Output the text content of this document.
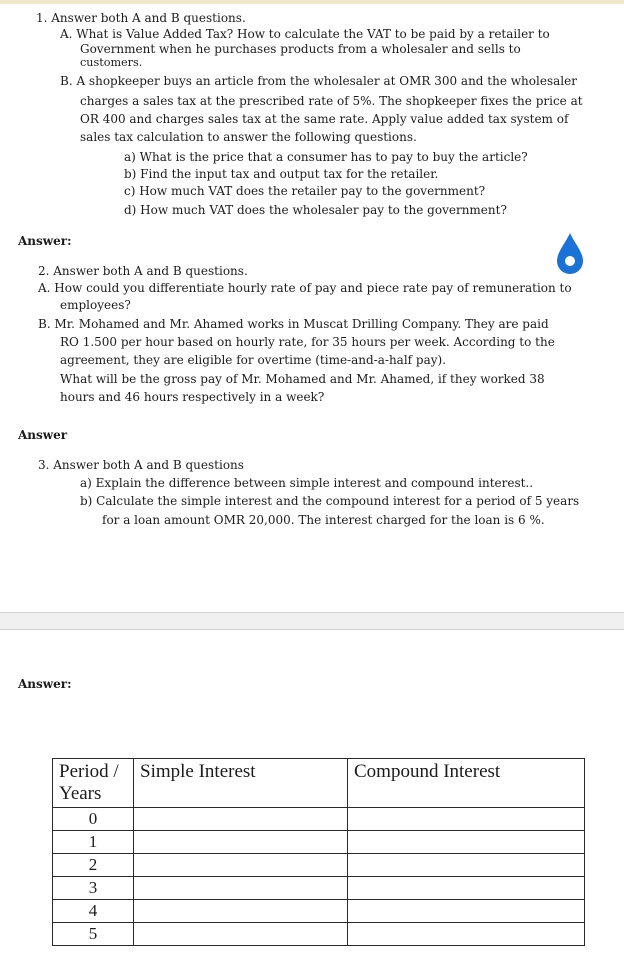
1. Answer both A and B questions.
A. What is Value Added Tax? How to calculate the VAT to be paid by a retailer to
Government when he purchases products from a wholesaler and sells to
customers.
B. A shopkeeper buys an article from the wholesaler at OMR 300 and the wholesaler
charges a sales tax at the prescribed rate of 5%. The shopkeeper fixes the price at
OR 400 and charges sales tax at the same rate. Apply value added tax system of
sales tax calculation to answer the following questions.
a) What is the price that a consumer has to pay to buy the article?
b) Find the input tax and output tax for the retailer.
c) How much VAT does the retailer pay to the government?
d) How much VAT does the wholesaler pay to the government?
Answer:
2. Answer both A and B questions.
A. How could you differentiate hourly rate of pay and piece rate pay of remuneration to
employees?
B. Mr. Mohamed and Mr. Ahamed works in Muscat Drilling Company. They are paid
RO 1.500 per hour based on hourly rate, for 35 hours per week. According to the
agreement, they are eligible for overtime (time-and-a-half pay).
What will be the gross pay of Mr. Mohamed and Mr. Ahamed, if they worked 38
hours and 46 hours respectively in a week?
Answer
3. Answer both A and B questions
a) Explain the difference between simple interest and compound interest..
b) Calculate the simple interest and the compound interest for a period of 5 years
for a loan amount OMR 20,000. The interest charged for the loan is 6 %.
Answer:
Period / Years	Simple Interest	Compound Interest
0		
1		
2		
3		
4		
5		
